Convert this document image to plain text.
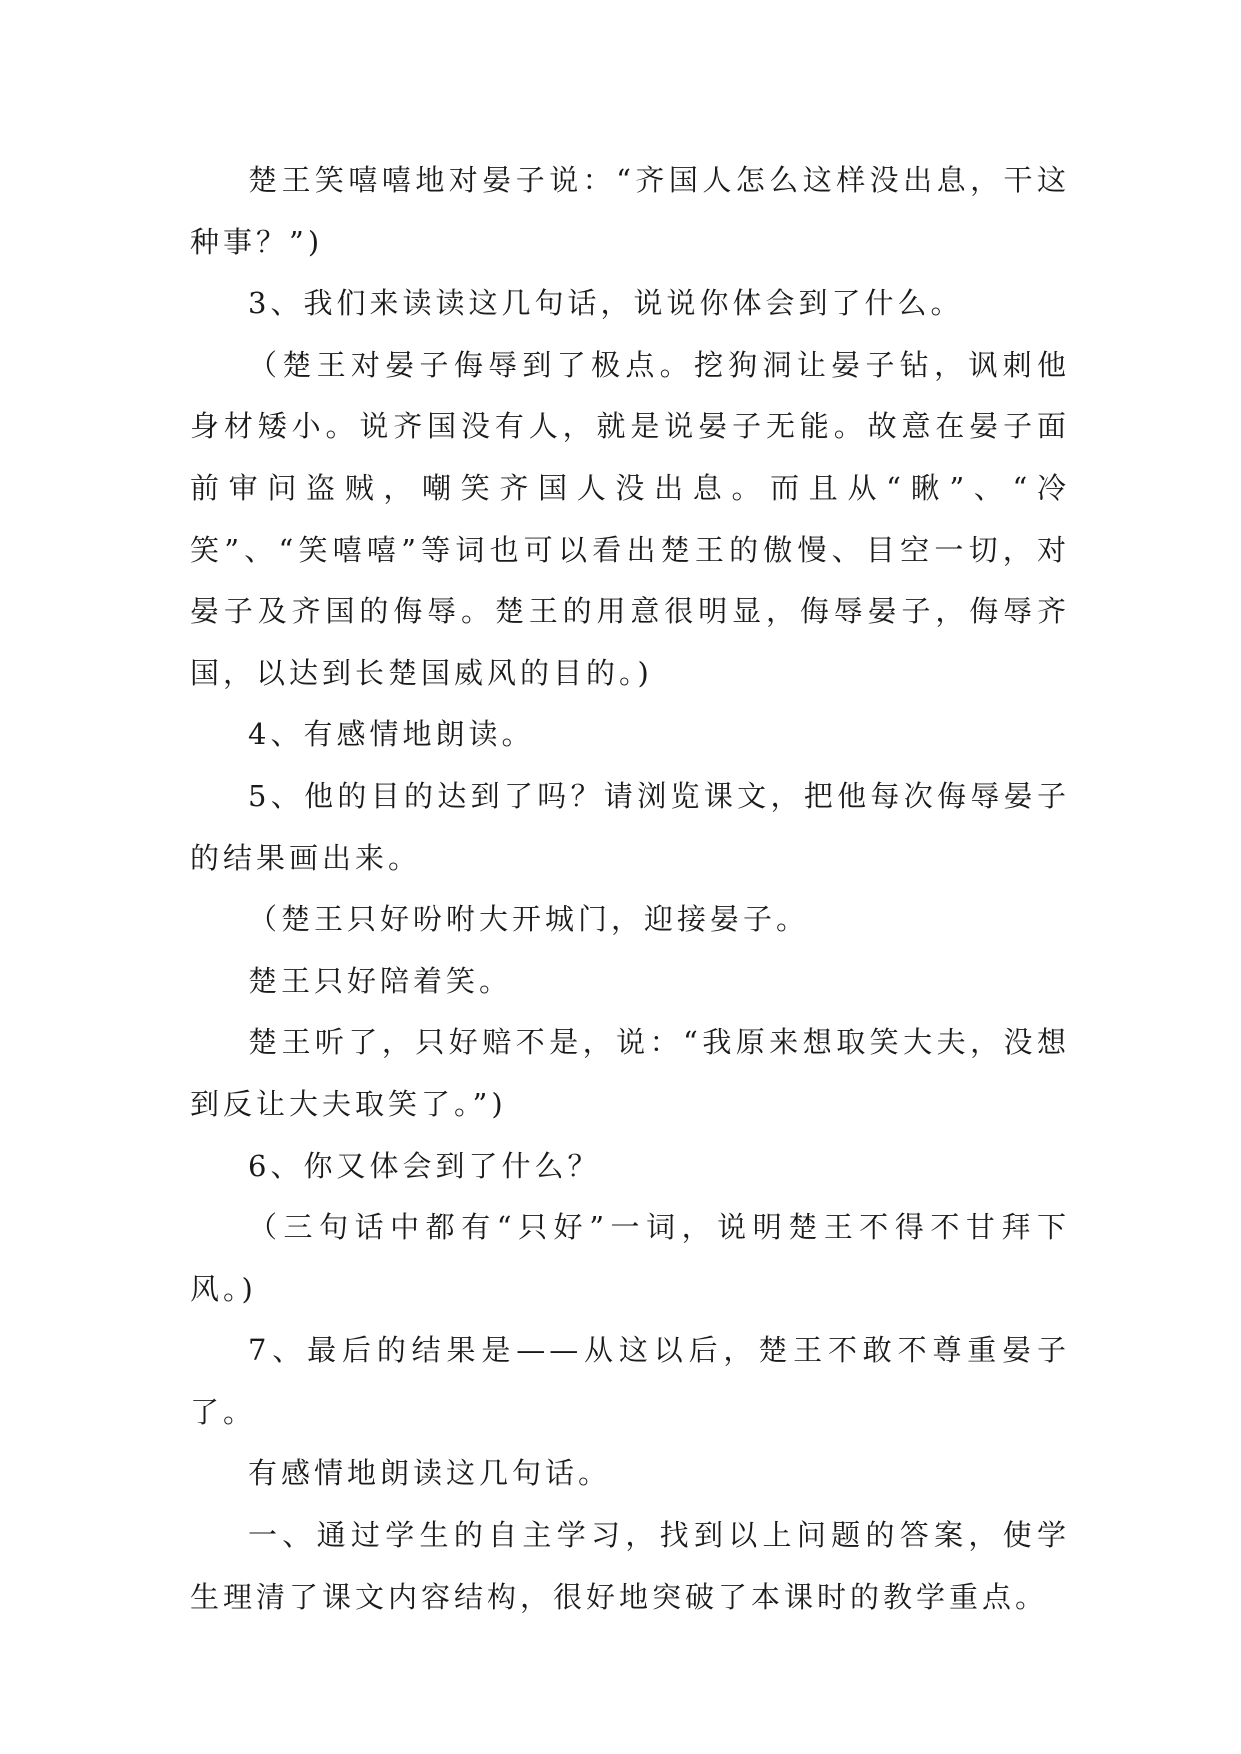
楚王笑嘻嘻地对晏子说：“齐国人怎么这样没出息，干这种事？”)

3、我们来读读这几句话，说说你体会到了什么。

（楚王对晏子侮辱到了极点。挖狗洞让晏子钻，讽刺他身材矮小。说齐国没有人，就是说晏子无能。故意在晏子面前审问盗贼，嘲笑齐国人没出息。而且从“瞅”、“冷笑”、“笑嘻嘻”等词也可以看出楚王的傲慢、目空一切，对晏子及齐国的侮辱。楚王的用意很明显，侮辱晏子，侮辱齐国，以达到长楚国威风的目的。)

4、有感情地朗读。

5、他的目的达到了吗？请浏览课文，把他每次侮辱晏子的结果画出来。

（楚王只好吩咐大开城门，迎接晏子。

楚王只好陪着笑。

楚王听了，只好赔不是，说：“我原来想取笑大夫，没想到反让大夫取笑了。”)

6、你又体会到了什么？

（三句话中都有“只好”一词，说明楚王不得不甘拜下风。)

7、最后的结果是——从这以后，楚王不敢不尊重晏子了。

有感情地朗读这几句话。

一、通过学生的自主学习，找到以上问题的答案，使学生理清了课文内容结构，很好地突破了本课时的教学重点。
